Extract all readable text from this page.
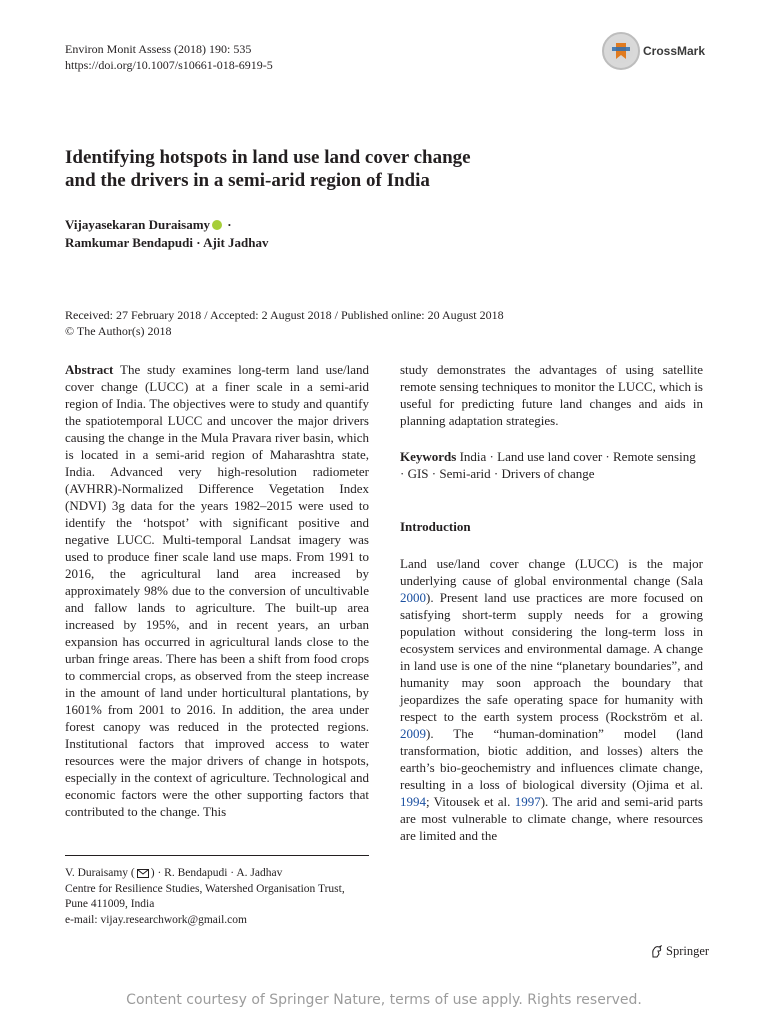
Environ Monit Assess (2018) 190: 535
https://doi.org/10.1007/s10661-018-6919-5
CrossMark
Identifying hotspots in land use land cover change
and the drivers in a semi-arid region of India
Vijayasekaran Duraisamy ·
Ramkumar Bendapudi · Ajit Jadhav
Received: 27 February 2018 / Accepted: 2 August 2018 / Published online: 20 August 2018
© The Author(s) 2018

Abstract The study examines long-term land use/land cover change (LUCC) at a finer scale in a semi-arid region of India. The objectives were to study and quantify the spatiotemporal LUCC and uncover the major drivers causing the change in the Mula Pravara river basin, which is located in a semi-arid region of Maharashtra state, India. Advanced very high-resolution radiometer (AVHRR)-Normalized Difference Vegetation Index (NDVI) 3g data for the years 1982–2015 were used to identify the ‘hotspot’ with significant positive and negative LUCC. Multi-temporal Landsat imagery was used to produce finer scale land use maps. From 1991 to 2016, the agricultural land area increased by approximately 98% due to the conversion of uncultivable and fallow lands to agriculture. The built-up area increased by 195%, and in recent years, an urban expansion has occurred in agricultural lands close to the urban fringe areas. There has been a shift from food crops to commercial crops, as observed from the steep increase in the amount of land under horticultural plantations, by 1601% from 2001 to 2016. In addition, the area under forest canopy was reduced in the protected regions. Institutional factors that improved access to water resources were the major drivers of change in hotspots, especially in the context of agriculture. Technological and economic factors were the other supporting factors that contributed to the change. This

study demonstrates the advantages of using satellite remote sensing techniques to monitor the LUCC, which is useful for predicting future land changes and aids in planning adaptation strategies.

Keywords India · Land use land cover · Remote sensing · GIS · Semi-arid · Drivers of change

Introduction

Land use/land cover change (LUCC) is the major underlying cause of global environmental change (Sala 2000). Present land use practices are more focused on satisfying short-term supply needs for a growing population without considering the long-term loss in ecosystem services and environmental damage. A change in land use is one of the nine “planetary boundaries”, and humanity may soon approach the boundary that jeopardizes the safe operating space for humanity with respect to the earth system process (Rockström et al. 2009). The “human-domination” model (land transformation, biotic addition, and losses) alters the earth’s bio-geochemistry and influences climate change, resulting in a loss of biological diversity (Ojima et al. 1994; Vitousek et al. 1997). The arid and semi-arid parts are most vulnerable to climate change, where resources are limited and the

V. Duraisamy ( ) · R. Bendapudi · A. Jadhav

Centre for Resilience Studies, Watershed Organisation Trust,

Pune 411009, India

e-mail: vijay.researchwork@gmail.com

Springer
Content courtesy of Springer Nature, terms of use apply. Rights reserved.
